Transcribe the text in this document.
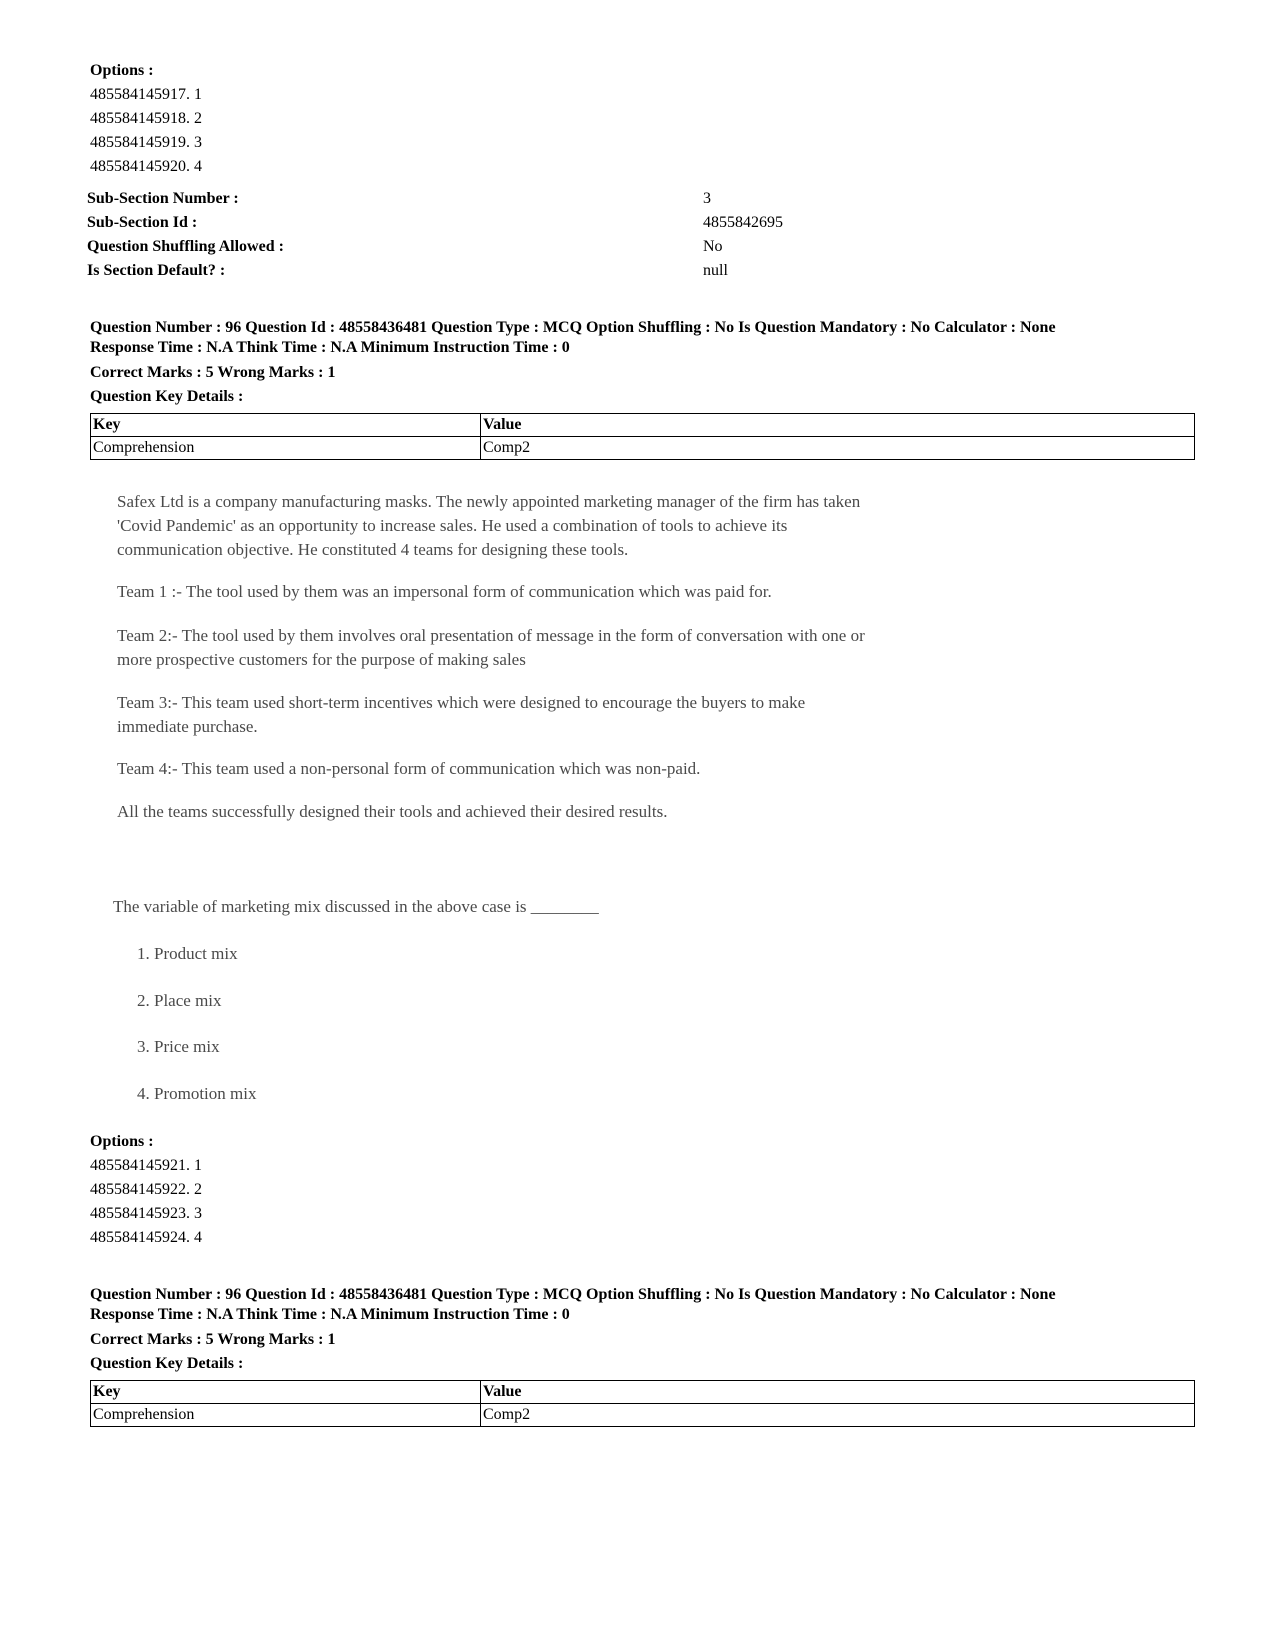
Options :
485584145917. 1
485584145918. 2
485584145919. 3
485584145920. 4
Sub-Section Number :	3
Sub-Section Id :	4855842695
Question Shuffling Allowed :	No
Is Section Default? :	null
Question Number : 96 Question Id : 48558436481 Question Type : MCQ Option Shuffling : No Is Question Mandatory : No Calculator : None
Response Time : N.A Think Time : N.A Minimum Instruction Time : 0
Correct Marks : 5 Wrong Marks : 1
Question Key Details :
Key	Value
Comprehension	Comp2

Safex Ltd is a company manufacturing masks. The newly appointed marketing manager of the firm has taken

'Covid Pandemic' as an opportunity to increase sales. He used a combination of tools to achieve its

communication objective. He constituted 4 teams for designing these tools.

Team 1 :- The tool used by them was an impersonal form of communication which was paid for.

Team 2:- The tool used by them involves oral presentation of message in the form of conversation with one or

more prospective customers for the purpose of making sales

Team 3:- This team used short-term incentives which were designed to encourage the buyers to make

immediate purchase.

Team 4:- This team used a non-personal form of communication which was non-paid.

All the teams successfully designed their tools and achieved their desired results.

The variable of marketing mix discussed in the above case is ________
1. Product mix
2. Place mix
3. Price mix
4. Promotion mix
Options :
485584145921. 1
485584145922. 2
485584145923. 3
485584145924. 4
Question Number : 96 Question Id : 48558436481 Question Type : MCQ Option Shuffling : No Is Question Mandatory : No Calculator : None
Response Time : N.A Think Time : N.A Minimum Instruction Time : 0
Correct Marks : 5 Wrong Marks : 1
Question Key Details :
Key	Value
Comprehension	Comp2
